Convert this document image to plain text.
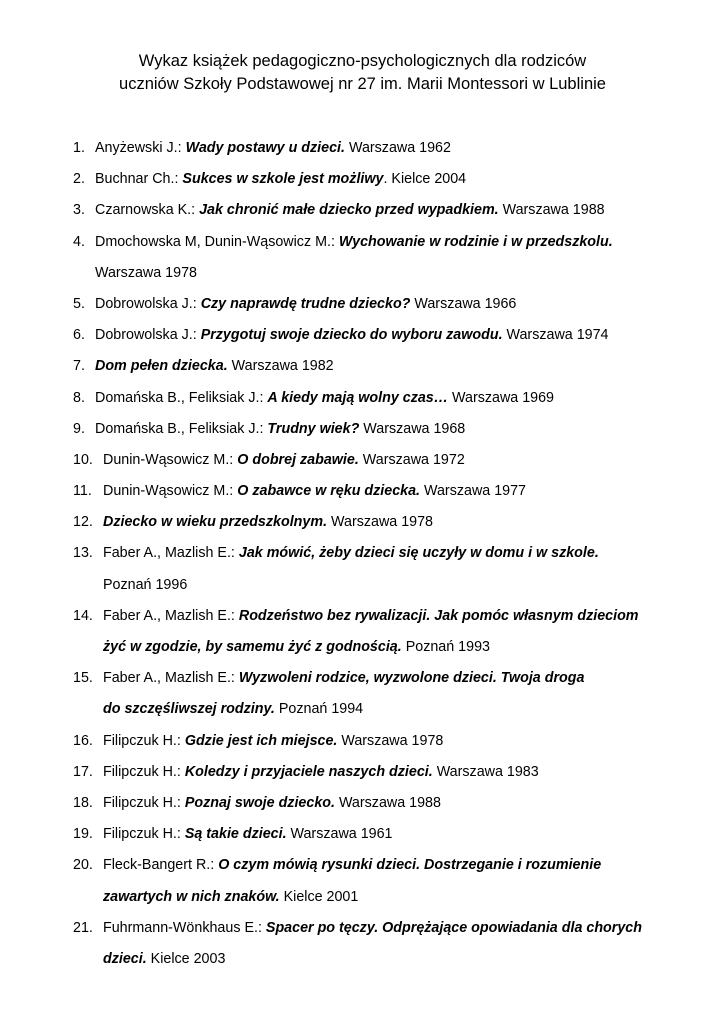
Wykaz książek pedagogiczno-psychologicznych dla rodziców
uczniów Szkoły Podstawowej nr 27 im. Marii Montessori w Lublinie
1. Anyżewski J.: Wady postawy u dzieci. Warszawa 1962
2. Buchnar Ch.: Sukces w szkole jest możliwy. Kielce 2004
3. Czarnowska K.: Jak chronić małe dziecko przed wypadkiem. Warszawa 1988
4. Dmochowska M, Dunin-Wąsowicz M.: Wychowanie w rodzinie i w przedszkolu.
Warszawa 1978
5. Dobrowolska J.: Czy naprawdę trudne dziecko? Warszawa 1966
6. Dobrowolska J.: Przygotuj swoje dziecko do wyboru zawodu. Warszawa 1974
7. Dom pełen dziecka. Warszawa 1982
8. Domańska B., Feliksiak J.: A kiedy mają wolny czas… Warszawa 1969
9. Domańska B., Feliksiak J.: Trudny wiek? Warszawa 1968
10. Dunin-Wąsowicz M.: O dobrej zabawie. Warszawa 1972
11. Dunin-Wąsowicz M.: O zabawce w ręku dziecka. Warszawa 1977
12. Dziecko w wieku przedszkolnym. Warszawa 1978
13. Faber A., Mazlish E.: Jak mówić, żeby dzieci się uczyły w domu i w szkole.
Poznań 1996
14. Faber A., Mazlish E.: Rodzeństwo bez rywalizacji. Jak pomóc własnym dzieciom
żyć w zgodzie, by samemu żyć z godnością. Poznań 1993
15. Faber A., Mazlish E.: Wyzwoleni rodzice, wyzwolone dzieci. Twoja droga
do szczęśliwszej rodziny. Poznań 1994
16. Filipczuk H.: Gdzie jest ich miejsce. Warszawa 1978
17. Filipczuk H.: Koledzy i przyjaciele naszych dzieci. Warszawa 1983
18. Filipczuk H.: Poznaj swoje dziecko. Warszawa 1988
19. Filipczuk H.: Są takie dzieci. Warszawa 1961
20. Fleck-Bangert R.: O czym mówią rysunki dzieci. Dostrzeganie i rozumienie
zawartych w nich znaków. Kielce 2001
21. Fuhrmann-Wönkhaus E.: Spacer po tęczy. Odprężające opowiadania dla chorych
dzieci. Kielce 2003
